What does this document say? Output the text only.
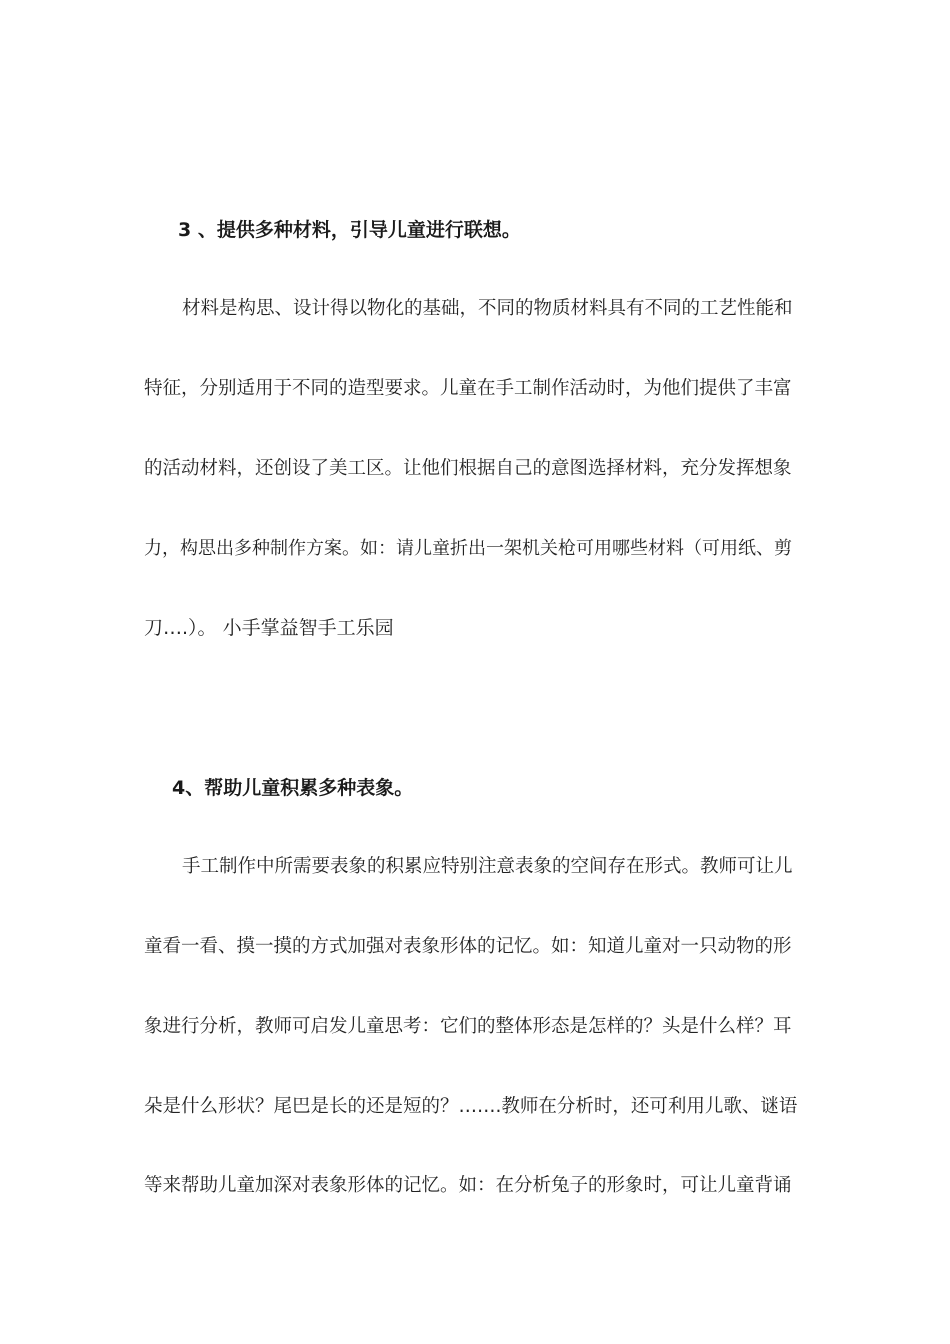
3 、提供多种材料，引导儿童进行联想。
材料是构思、设计得以物化的基础，不同的物质材料具有不同的工艺性能和
特征，分别适用于不同的造型要求。儿童在手工制作活动时，为他们提供了丰富
的活动材料，还创设了美工区。让他们根据自己的意图选择材料，充分发挥想象
力，构思出多种制作方案。如：请儿童折出一架机关枪可用哪些材料（可用纸、剪
刀….）。 小手掌益智手工乐园
4、帮助儿童积累多种表象。
手工制作中所需要表象的积累应特别注意表象的空间存在形式。教师可让儿
童看一看、摸一摸的方式加强对表象形体的记忆。如：知道儿童对一只动物的形
象进行分析，教师可启发儿童思考：它们的整体形态是怎样的？头是什么样？耳
朵是什么形状？尾巴是长的还是短的？…….教师在分析时，还可利用儿歌、谜语
等来帮助儿童加深对表象形体的记忆。如：在分析兔子的形象时，可让儿童背诵
